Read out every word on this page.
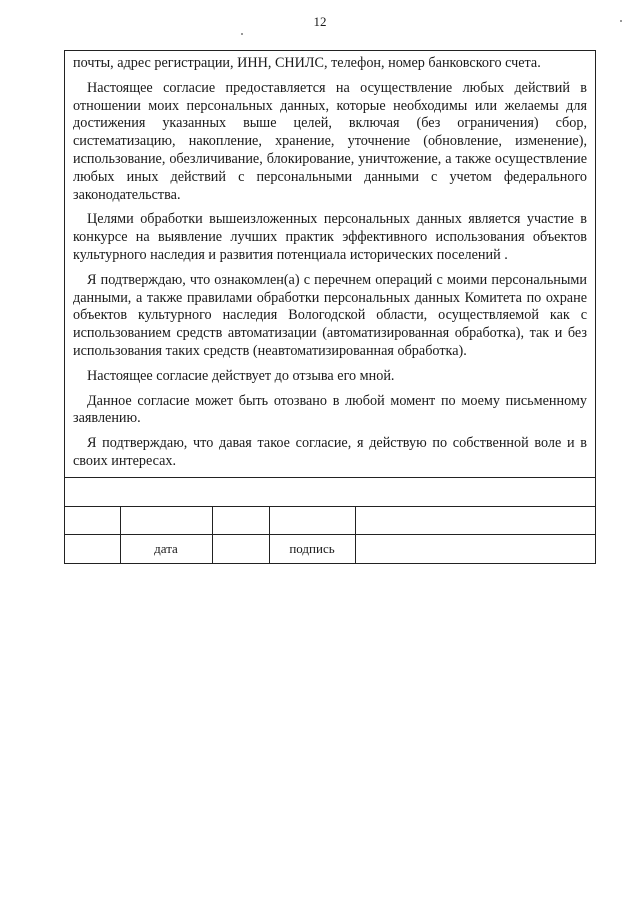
12

почты, адрес регистрации, ИНН, СНИЛС, телефон, номер банковского счета.

Настоящее согласие предоставляется на осуществление любых действий в отношении моих персональных данных, которые необходимы или желаемы для достижения указанных выше целей, включая (без ограничения) сбор, систематизацию, накопление, хранение, уточнение (обновление, изменение), использование, обезличивание, блокирование, уничтожение, а также осуществление любых иных действий с персональными данными с учетом федерального законодательства.

Целями обработки вышеизложенных персональных данных является участие в конкурсе на выявление лучших практик эффективного использования объектов культурного наследия и развития потенциала исторических поселений .

Я подтверждаю, что ознакомлен(а) с перечнем операций с моими персональными данными, а также правилами обработки персональных данных Комитета по охране объектов культурного наследия Вологодской области, осуществляемой как с использованием средств автоматизации (автоматизированная обработка), так и без использования таких средств (неавтоматизированная обработка).

Настоящее согласие действует до отзыва его мной.

Данное согласие может быть отозвано в любой момент по моему письменному заявлению.

Я подтверждаю, что давая такое согласие, я действую по собственной воле и в своих интересах.

	дата		подпись	
